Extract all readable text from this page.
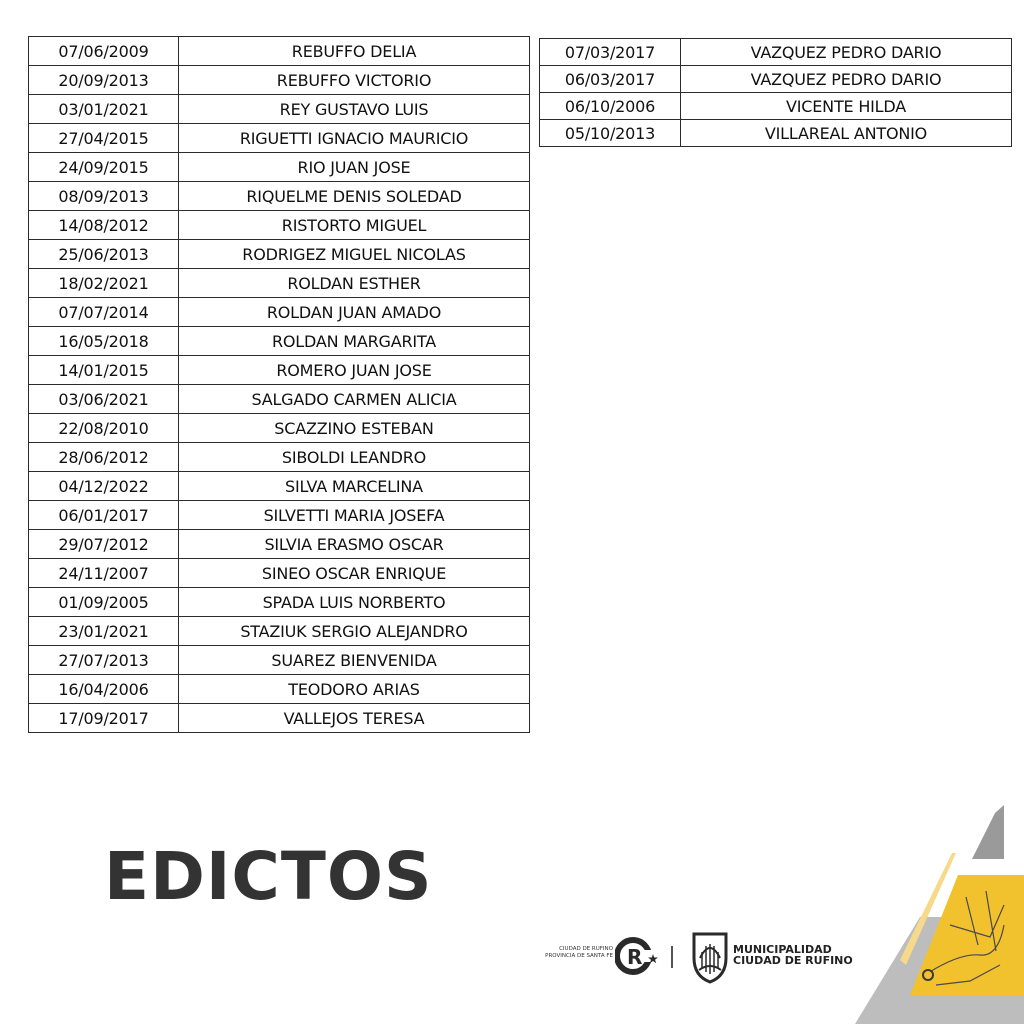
07/06/2009	REBUFFO DELIA
20/09/2013	REBUFFO VICTORIO
03/01/2021	REY GUSTAVO LUIS
27/04/2015	RIGUETTI IGNACIO MAURICIO
24/09/2015	RIO JUAN JOSE
08/09/2013	RIQUELME DENIS SOLEDAD
14/08/2012	RISTORTO MIGUEL
25/06/2013	RODRIGEZ MIGUEL NICOLAS
18/02/2021	ROLDAN ESTHER
07/07/2014	ROLDAN JUAN AMADO
16/05/2018	ROLDAN MARGARITA
14/01/2015	ROMERO JUAN JOSE
03/06/2021	SALGADO CARMEN ALICIA
22/08/2010	SCAZZINO ESTEBAN
28/06/2012	SIBOLDI LEANDRO
04/12/2022	SILVA MARCELINA
06/01/2017	SILVETTI MARIA JOSEFA
29/07/2012	SILVIA ERASMO OSCAR
24/11/2007	SINEO OSCAR ENRIQUE
01/09/2005	SPADA LUIS NORBERTO
23/01/2021	STAZIUK SERGIO ALEJANDRO
27/07/2013	SUAREZ BIENVENIDA
16/04/2006	TEODORO ARIAS
17/09/2017	VALLEJOS TERESA
07/03/2017	VAZQUEZ PEDRO DARIO
06/03/2017	VAZQUEZ PEDRO DARIO
06/10/2006	VICENTE HILDA
05/10/2013	VILLAREAL ANTONIO
EDICTOS
CIUDAD DE RUFINO
PROVINCIA DE SANTA FE R	MUNICIPALIDAD
CIUDAD DE RUFINO
